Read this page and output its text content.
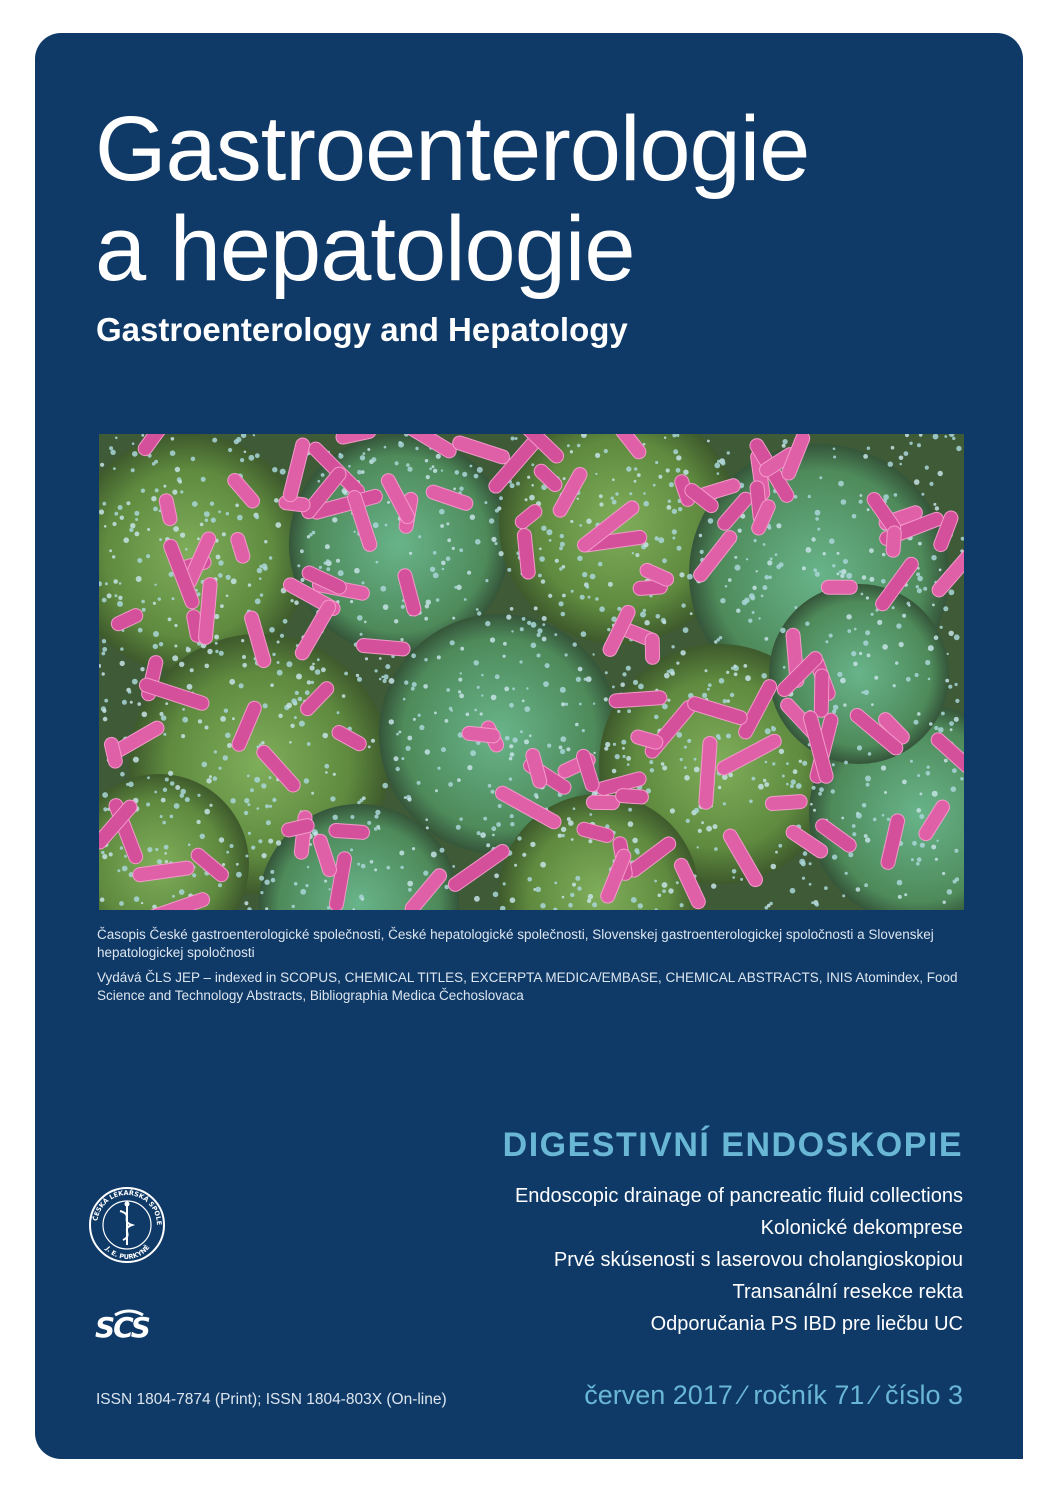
Gastroenterologie
a hepatologie
Gastroenterology and Hepatology

Časopis České gastroenterologické společnosti, České hepatologické společnosti, Slovenskej gastroenterologickej spoločnosti a Slovenskej hepatologickej spoločnosti

Vydává ČLS JEP – indexed in SCOPUS, CHEMICAL TITLES, EXCERPTA MEDICA/EMBASE, CHEMICAL ABSTRACTS, INIS Atomindex, Food Science and Technology Abstracts, Bibliographia Medica Čechoslovaca

DIGESTIVNÍ ENDOSKOPIE
Endoscopic drainage of pancreatic fluid collections
Kolonické dekomprese
Prvé skúsenosti s laserovou cholangioskopiou
Transanální resekce rekta
Odporučania PS IBD pre liečbu UC
ČESKÁ LÉKAŘSKÁ SPOLE
J. E. PURKYNĚ
SCS
ISSN 1804-7874 (Print); ISSN 1804-803X (On-line)	červen 2017 ⁄ ročník 71 ⁄ číslo 3
